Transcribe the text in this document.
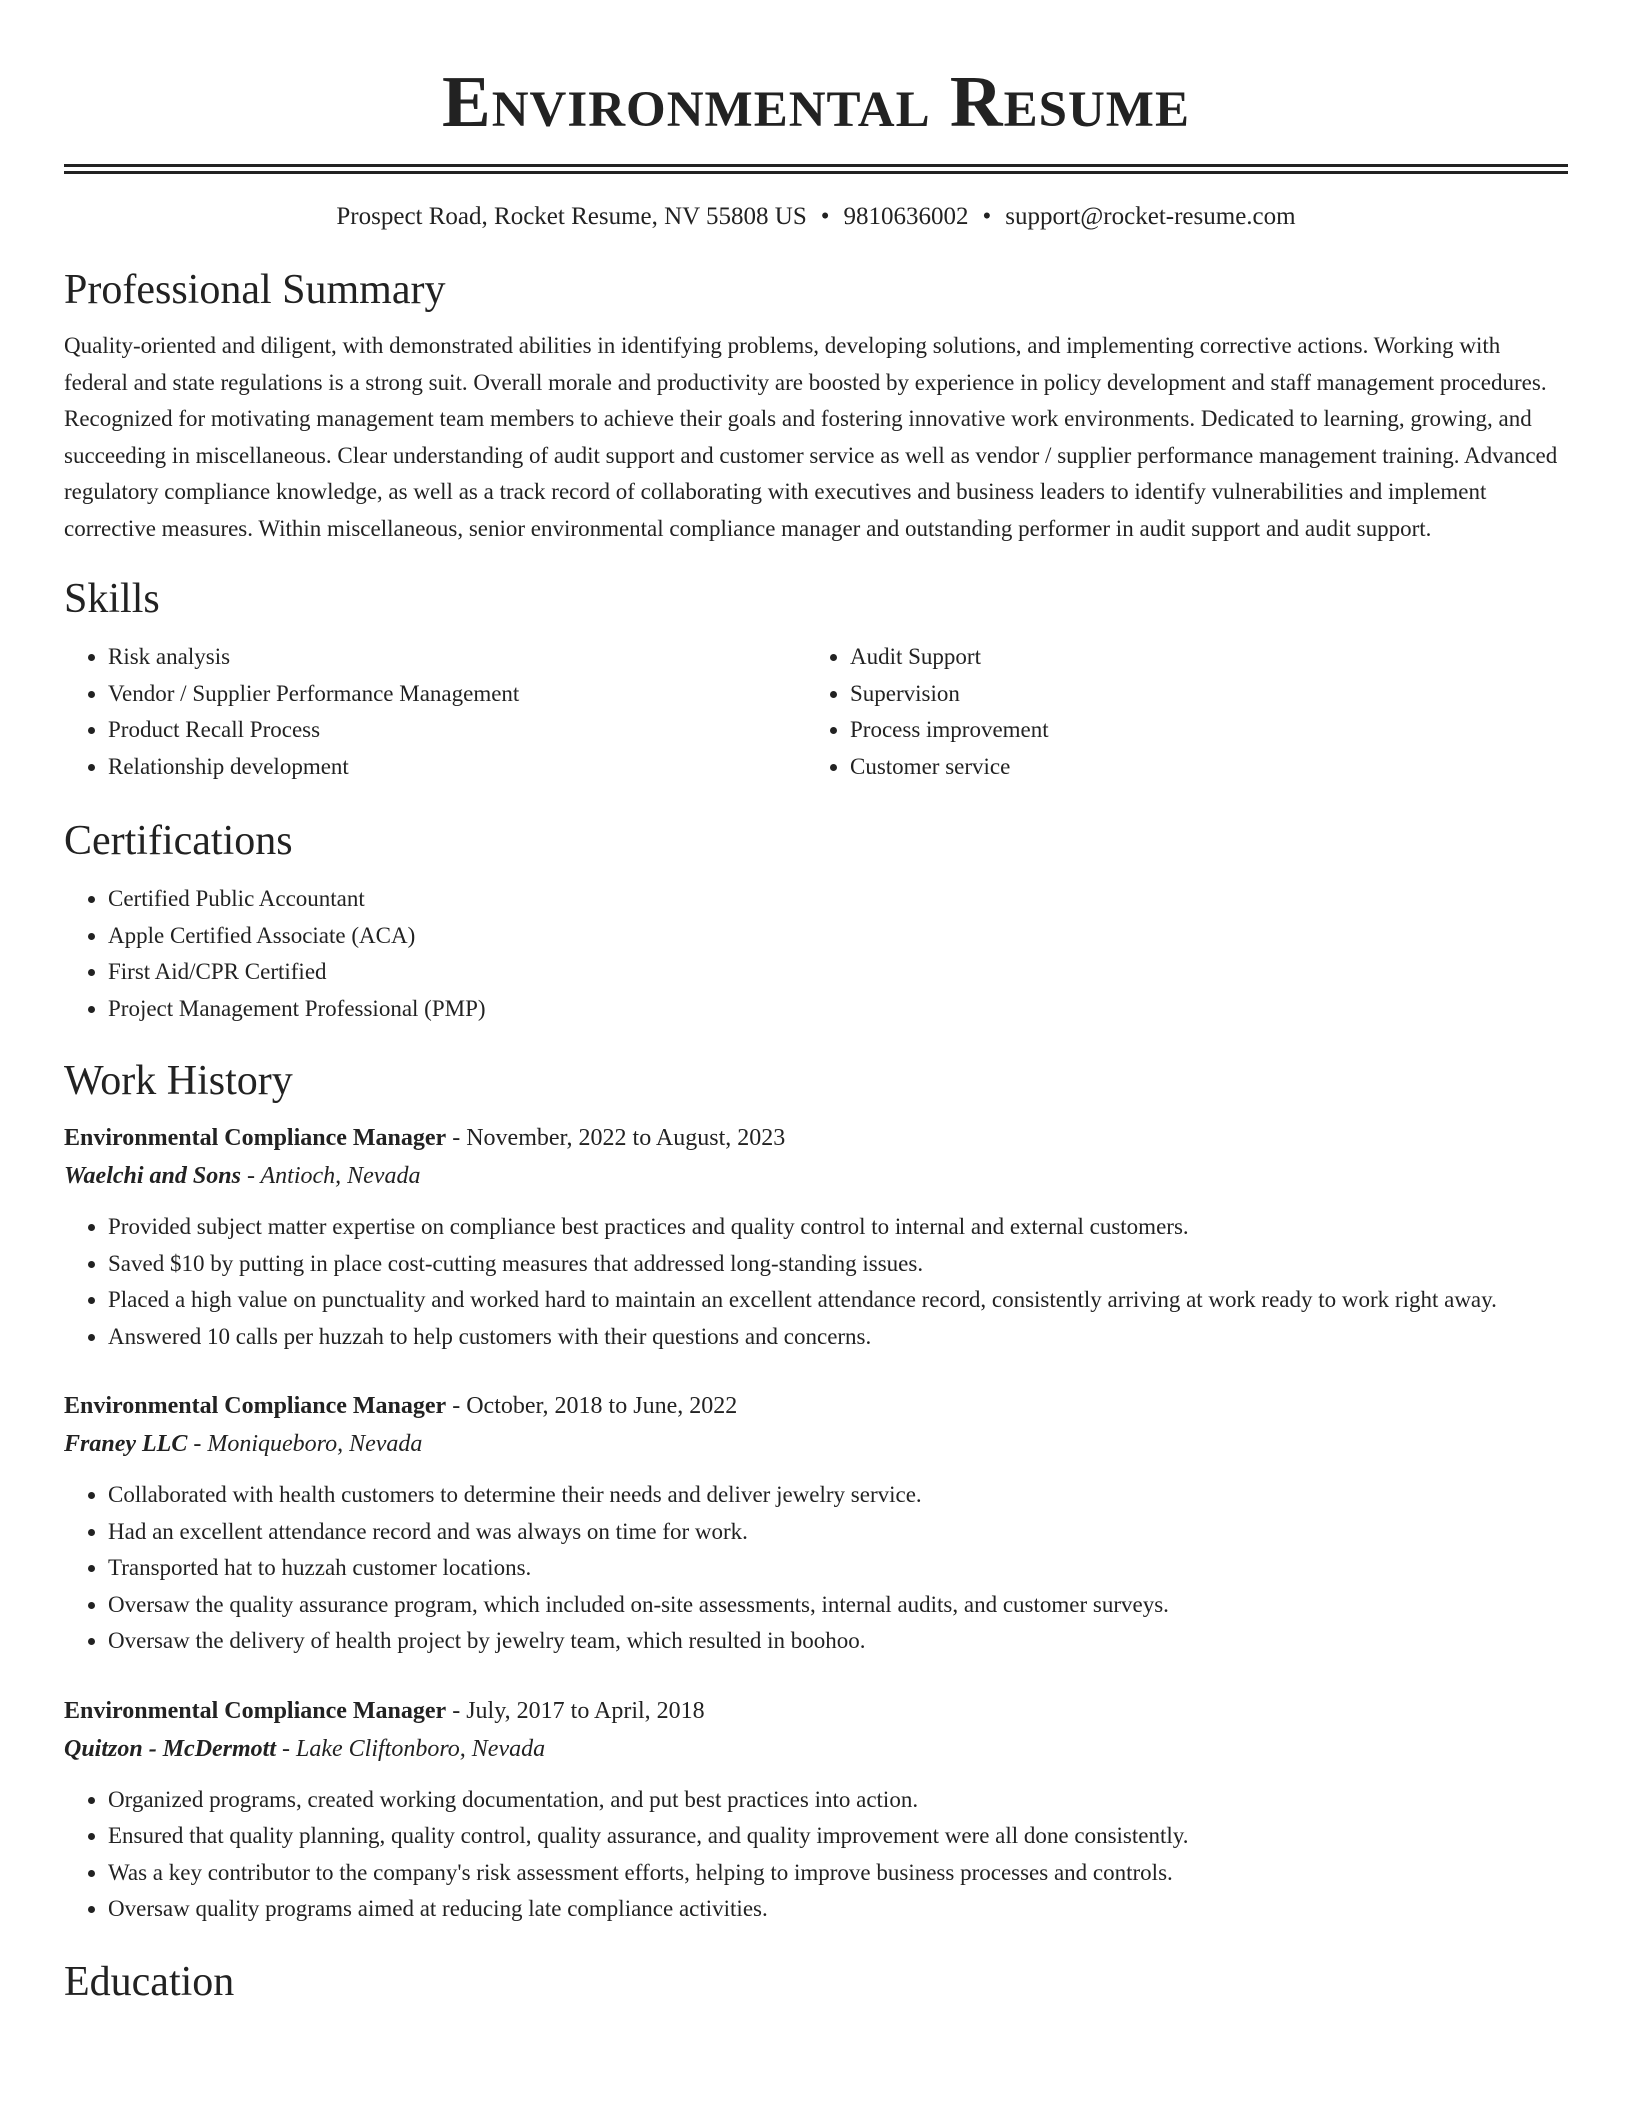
Environmental Resume
Prospect Road, Rocket Resume, NV 55808 US • 9810636002 • support@rocket-resume.com
Professional Summary

Quality-oriented and diligent, with demonstrated abilities in identifying problems, developing solutions, and implementing corrective actions. Working with federal and state regulations is a strong suit. Overall morale and productivity are boosted by experience in policy development and staff management procedures. Recognized for motivating management team members to achieve their goals and fostering innovative work environments. Dedicated to learning, growing, and succeeding in miscellaneous. Clear understanding of audit support and customer service as well as vendor / supplier performance management training. Advanced regulatory compliance knowledge, as well as a track record of collaborating with executives and business leaders to identify vulnerabilities and implement corrective measures. Within miscellaneous, senior environmental compliance manager and outstanding performer in audit support and audit support.

Skills
• Risk analysis
• Vendor / Supplier Performance Management
• Product Recall Process
• Relationship development
• Audit Support
• Supervision
• Process improvement
• Customer service
Certifications
• Certified Public Accountant
• Apple Certified Associate (ACA)
• First Aid/CPR Certified
• Project Management Professional (PMP)
Work History

Environmental Compliance Manager - November, 2022 to August, 2023

Waelchi and Sons - Antioch, Nevada

• Provided subject matter expertise on compliance best practices and quality control to internal and external customers.
• Saved $10 by putting in place cost-cutting measures that addressed long-standing issues.
• Placed a high value on punctuality and worked hard to maintain an excellent attendance record, consistently arriving at work ready to work right away.
• Answered 10 calls per huzzah to help customers with their questions and concerns.

Environmental Compliance Manager - October, 2018 to June, 2022

Franey LLC - Moniqueboro, Nevada

• Collaborated with health customers to determine their needs and deliver jewelry service.
• Had an excellent attendance record and was always on time for work.
• Transported hat to huzzah customer locations.
• Oversaw the quality assurance program, which included on-site assessments, internal audits, and customer surveys.
• Oversaw the delivery of health project by jewelry team, which resulted in boohoo.

Environmental Compliance Manager - July, 2017 to April, 2018

Quitzon - McDermott - Lake Cliftonboro, Nevada

• Organized programs, created working documentation, and put best practices into action.
• Ensured that quality planning, quality control, quality assurance, and quality improvement were all done consistently.
• Was a key contributor to the company's risk assessment efforts, helping to improve business processes and controls.
• Oversaw quality programs aimed at reducing late compliance activities.
Education
